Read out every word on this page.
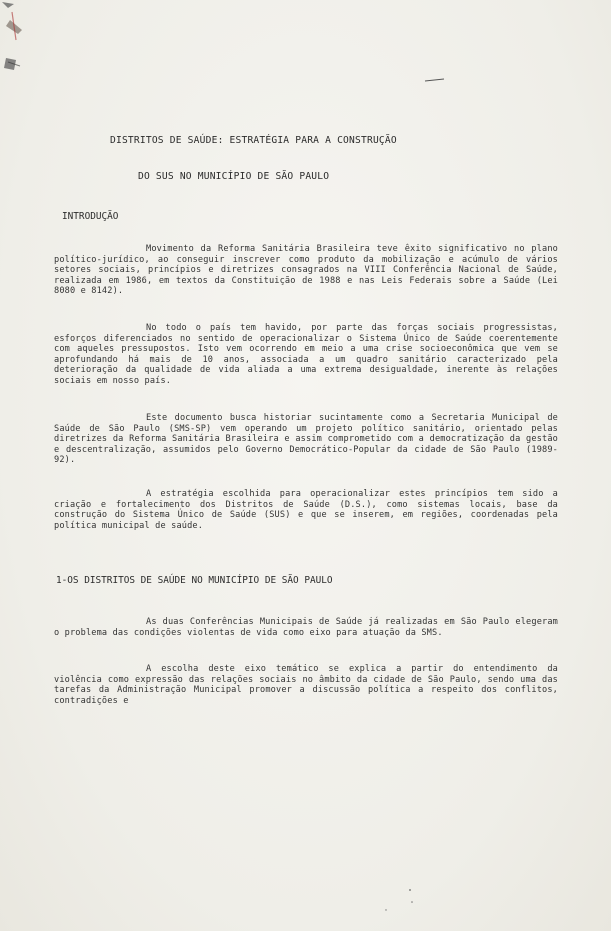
DISTRITOS DE SAÚDE: ESTRATÉGIA PARA A CONSTRUÇÃO

DO SUS NO MUNICÍPIO DE SÃO PAULO

INTRODUÇÃO
Movimento da Reforma Sanitária Brasileira teve êxito significativo no plano político-jurídico, ao conseguir inscrever como produto da mobilização e acúmulo de vários setores sociais, princípios e diretrizes consagrados na VIII Conferência Nacional de Saúde, realizada em 1986, em textos da Constituição de 1988 e nas Leis Federais sobre a Saúde (Lei 8080 e 8142).
No todo o país tem havido, por parte das forças sociais progressistas, esforços diferenciados no sentido de operacionalizar o Sistema Único de Saúde coerentemente com aqueles pressupostos. Isto vem ocorrendo em meio a uma crise socioeconômica que vem se aprofundando há mais de 10 anos, associada a um quadro sanitário caracterizado pela deterioração da qualidade de vida aliada a uma extrema desigualdade, inerente às relações sociais em nosso país.
Este documento busca historiar sucintamente como a Secretaria Municipal de Saúde de São Paulo (SMS-SP) vem operando um projeto político sanitário, orientado pelas diretrizes da Reforma Sanitária Brasileira e assim comprometido com a democratização da gestão e descentralização, assumidos pelo Governo Democrático-Popular da cidade de São Paulo (1989-92).
A estratégia escolhida para operacionalizar estes princípios tem sido a criação e fortalecimento dos Distritos de Saúde (D.S.), como sistemas locais, base da construção do Sistema Único de Saúde (SUS) e que se inserem, em regiões, coordenadas pela política municipal de saúde.
1-OS DISTRITOS DE SAÚDE NO MUNICÍPIO DE SÃO PAULO
As duas Conferências Municipais de Saúde já realizadas em São Paulo elegeram o problema das condições violentas de vida como eixo para atuação da SMS.
A escolha deste eixo temático se explica a partir do entendimento da violência como expressão das relações sociais no âmbito da cidade de São Paulo, sendo uma das tarefas da Administração Municipal promover a discussão política a respeito dos conflitos, contradições e
